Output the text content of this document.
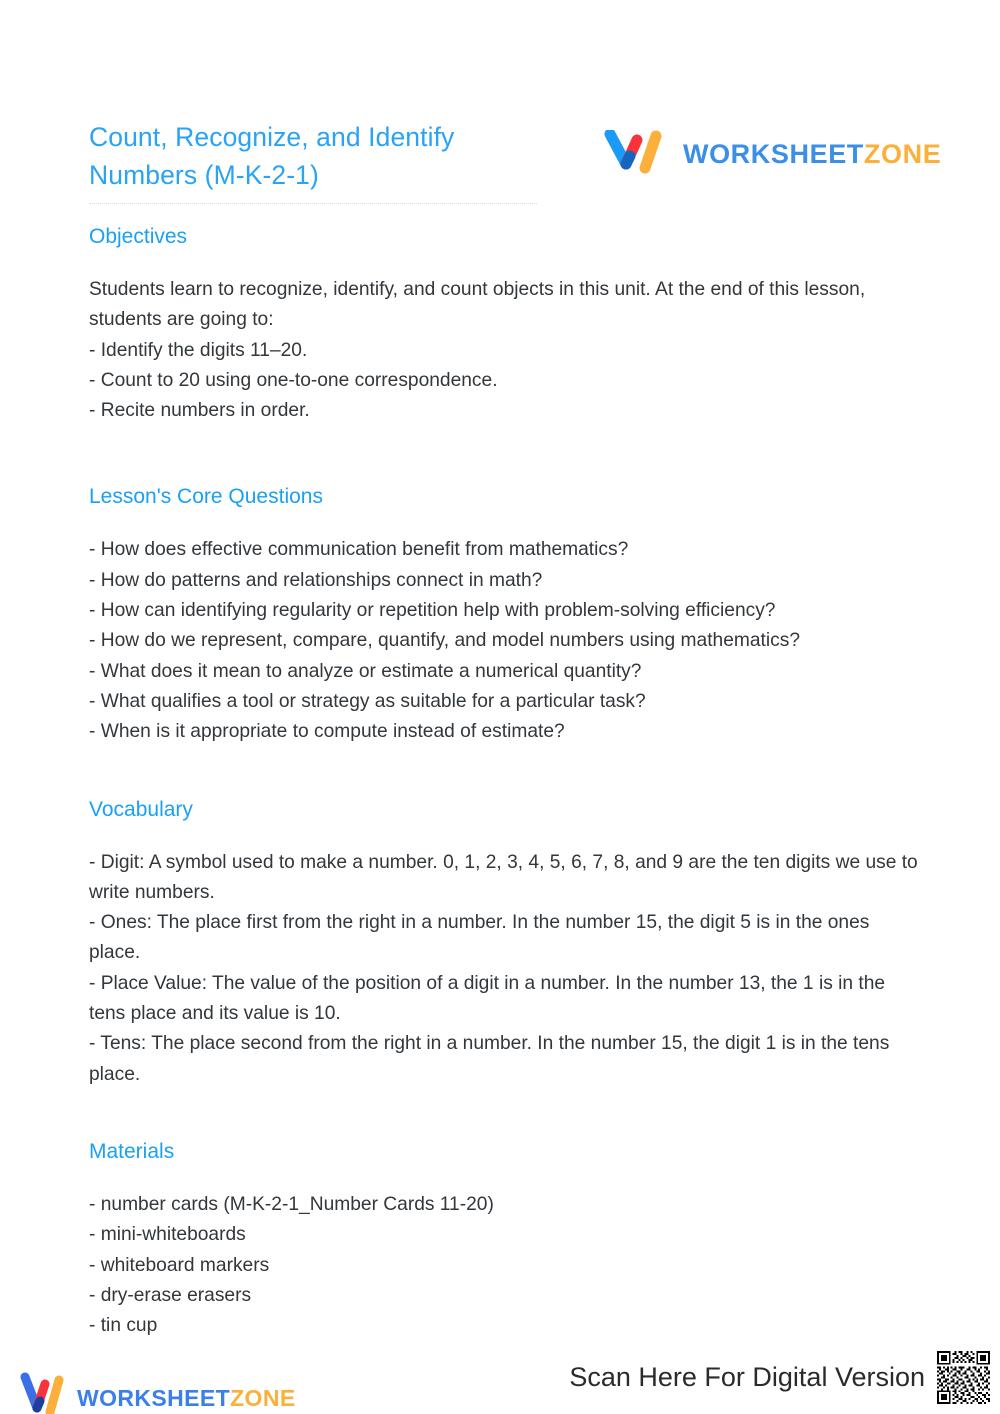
Count, Recognize, and Identify Numbers (M-K-2-1)
WORKSHEETZONE
Objectives

Students learn to recognize, identify, and count objects in this unit. At the end of this lesson, students are going to:

- Identify the digits 11–20.

- Count to 20 using one-to-one correspondence.

- Recite numbers in order.

Lesson's Core Questions

- How does effective communication benefit from mathematics?

- How do patterns and relationships connect in math?

- How can identifying regularity or repetition help with problem-solving efficiency?

- How do we represent, compare, quantify, and model numbers using mathematics?

- What does it mean to analyze or estimate a numerical quantity?

- What qualifies a tool or strategy as suitable for a particular task?

- When is it appropriate to compute instead of estimate?

Vocabulary

- Digit: A symbol used to make a number. 0, 1, 2, 3, 4, 5, 6, 7, 8, and 9 are the ten digits we use to write numbers.

- Ones: The place first from the right in a number. In the number 15, the digit 5 is in the ones place.

- Place Value: The value of the position of a digit in a number. In the number 13, the 1 is in the tens place and its value is 10.

- Tens: The place second from the right in a number. In the number 15, the digit 1 is in the tens place.

Materials

- number cards (M-K-2-1_Number Cards 11-20)

- mini-whiteboards

- whiteboard markers

- dry-erase erasers

- tin cup

WORKSHEETZONE
Scan Here For Digital Version
